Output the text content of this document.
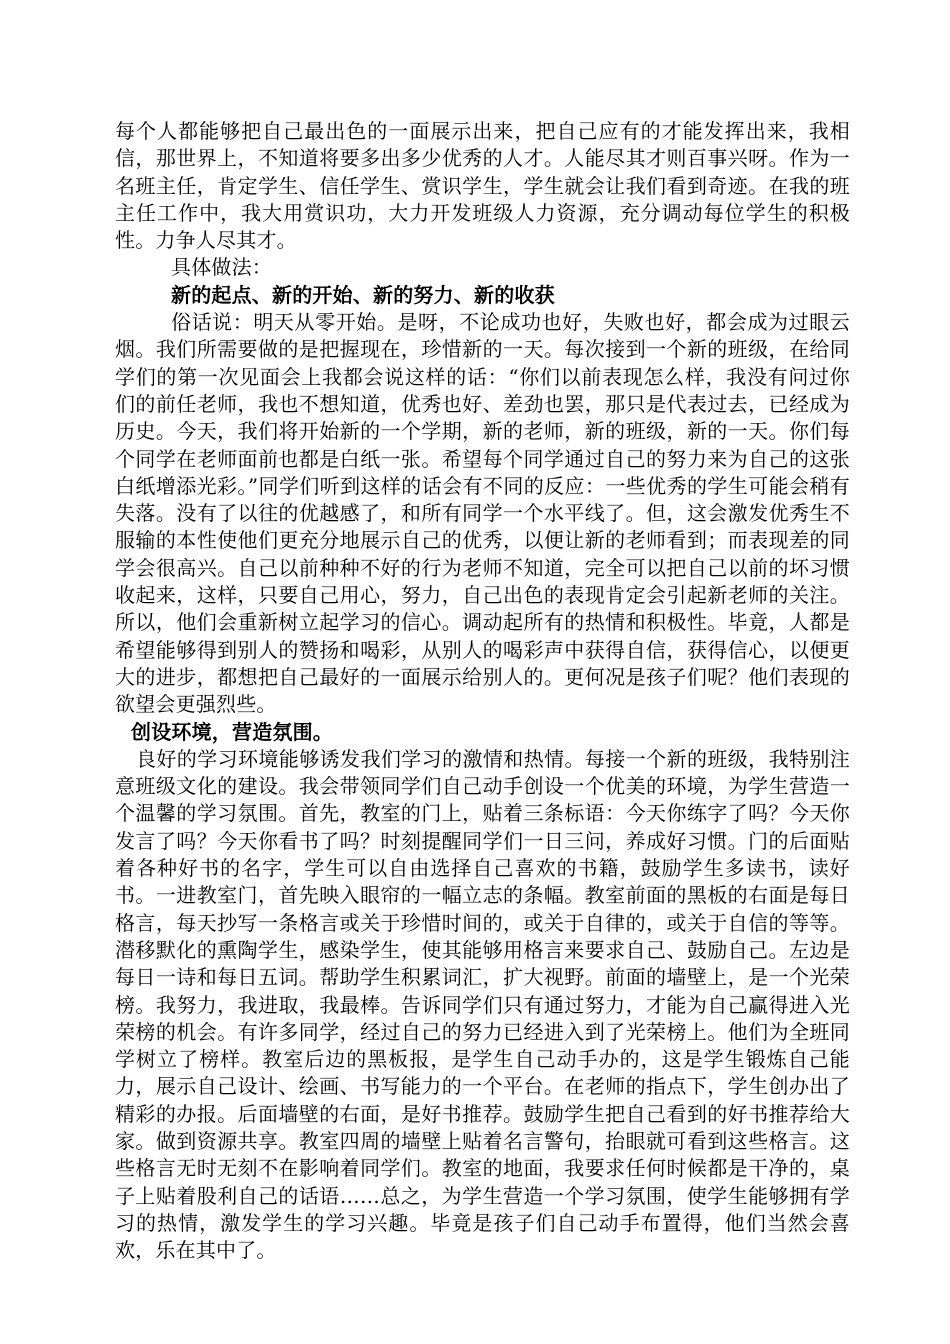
每个人都能够把自己最出色的一面展示出来，把自己应有的才能发挥出来，我相信，那世界上，不知道将要多出多少优秀的人才。人能尽其才则百事兴呀。作为一名班主任，肯定学生、信任学生、赏识学生，学生就会让我们看到奇迹。在我的班主任工作中，我大用赏识功，大力开发班级人力资源，充分调动每位学生的积极性。力争人尽其才。

具体做法：

新的起点、新的开始、新的努力、新的收获

俗话说：明天从零开始。是呀，不论成功也好，失败也好，都会成为过眼云烟。我们所需要做的是把握现在，珍惜新的一天。每次接到一个新的班级，在给同学们的第一次见面会上我都会说这样的话：“你们以前表现怎么样，我没有问过你们的前任老师，我也不想知道，优秀也好、差劲也罢，那只是代表过去，已经成为历史。今天，我们将开始新的一个学期，新的老师，新的班级，新的一天。你们每个同学在老师面前也都是白纸一张。希望每个同学通过自己的努力来为自己的这张白纸增添光彩。”同学们听到这样的话会有不同的反应：一些优秀的学生可能会稍有失落。没有了以往的优越感了，和所有同学一个水平线了。但，这会激发优秀生不服输的本性使他们更充分地展示自己的优秀，以便让新的老师看到；而表现差的同学会很高兴。自己以前种种不好的行为老师不知道，完全可以把自己以前的坏习惯收起来，这样，只要自己用心，努力，自己出色的表现肯定会引起新老师的关注。所以，他们会重新树立起学习的信心。调动起所有的热情和积极性。毕竟，人都是希望能够得到别人的赞扬和喝彩，从别人的喝彩声中获得自信，获得信心，以便更大的进步，都想把自己最好的一面展示给别人的。更何况是孩子们呢？他们表现的欲望会更强烈些。

创设环境，营造氛围。

良好的学习环境能够诱发我们学习的激情和热情。每接一个新的班级，我特别注意班级文化的建设。我会带领同学们自己动手创设一个优美的环境，为学生营造一个温馨的学习氛围。首先，教室的门上，贴着三条标语：今天你练字了吗？今天你发言了吗？今天你看书了吗？时刻提醒同学们一日三问，养成好习惯。门的后面贴着各种好书的名字，学生可以自由选择自己喜欢的书籍，鼓励学生多读书，读好书。一进教室门，首先映入眼帘的一幅立志的条幅。教室前面的黑板的右面是每日格言，每天抄写一条格言或关于珍惜时间的，或关于自律的，或关于自信的等等。潜移默化的熏陶学生，感染学生，使其能够用格言来要求自己、鼓励自己。左边是每日一诗和每日五词。帮助学生积累词汇，扩大视野。前面的墙壁上，是一个光荣榜。我努力，我进取，我最棒。告诉同学们只有通过努力，才能为自己赢得进入光荣榜的机会。有许多同学，经过自己的努力已经进入到了光荣榜上。他们为全班同学树立了榜样。教室后边的黑板报，是学生自己动手办的，这是学生锻炼自己能力，展示自己设计、绘画、书写能力的一个平台。在老师的指点下，学生创办出了精彩的办报。后面墙壁的右面，是好书推荐。鼓励学生把自己看到的好书推荐给大家。做到资源共享。教室四周的墙壁上贴着名言警句，抬眼就可看到这些格言。这些格言无时无刻不在影响着同学们。教室的地面，我要求任何时候都是干净的，桌子上贴着股利自己的话语……总之，为学生营造一个学习氛围，使学生能够拥有学习的热情，激发学生的学习兴趣。毕竟是孩子们自己动手布置得，他们当然会喜欢，乐在其中了。
